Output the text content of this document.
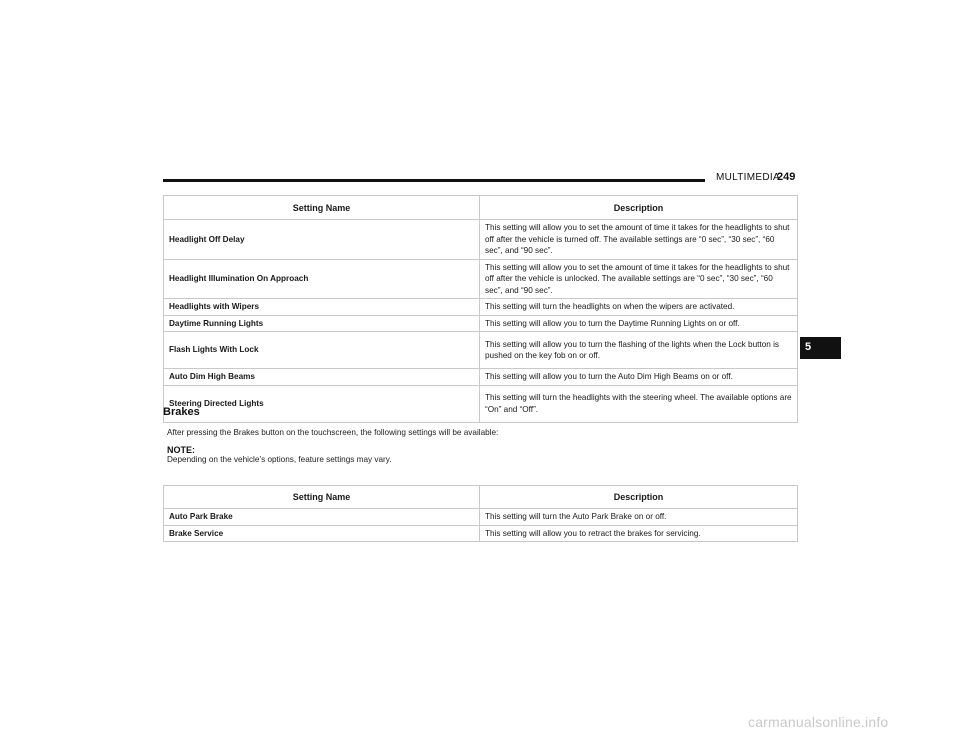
MULTIMEDIA
249
5
Setting Name	Description
Headlight Off Delay	This setting will allow you to set the amount of time it takes for the headlights to shut off after the vehicle is turned off. The available settings are “0 sec”, “30 sec”, “60 sec”, and “90 sec”.
Headlight Illumination On Approach	This setting will allow you to set the amount of time it takes for the headlights to shut off after the vehicle is unlocked. The available settings are “0 sec”, “30 sec”, “60 sec”, and “90 sec”.
Headlights with Wipers	This setting will turn the headlights on when the wipers are activated.
Daytime Running Lights	This setting will allow you to turn the Daytime Running Lights on or off.
Flash Lights With Lock	This setting will allow you to turn the flashing of the lights when the Lock button is pushed on the key fob on or off.
Auto Dim High Beams	This setting will allow you to turn the Auto Dim High Beams on or off.
Steering Directed Lights	This setting will turn the headlights with the steering wheel. The available options are “On” and “Off”.
Brakes
After pressing the Brakes button on the touchscreen, the following settings will be available:
NOTE:
Depending on the vehicle’s options, feature settings may vary.
Setting Name	Description
Auto Park Brake	This setting will turn the Auto Park Brake on or off.
Brake Service	This setting will allow you to retract the brakes for servicing.
carmanualsonline.info
